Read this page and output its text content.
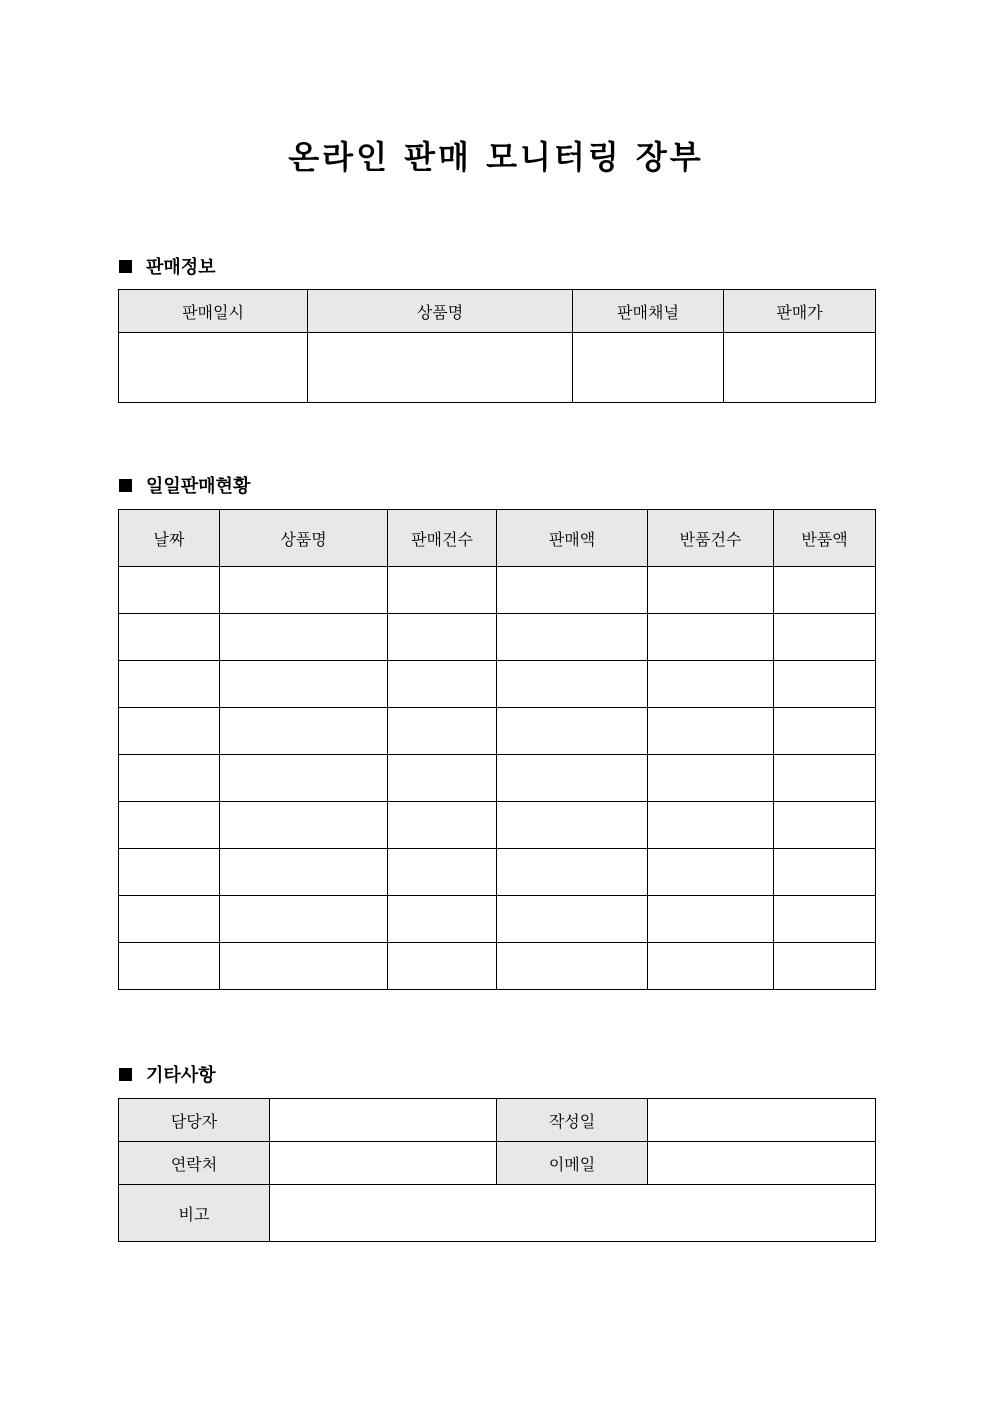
온라인 판매 모니터링 장부
판매정보
판매일시	상품명	판매채널	판매가

일일판매현황
날짜	상품명	판매건수	판매액	반품건수	반품액

기타사항
담당자		작성일	
연락처		이메일	
비고			
